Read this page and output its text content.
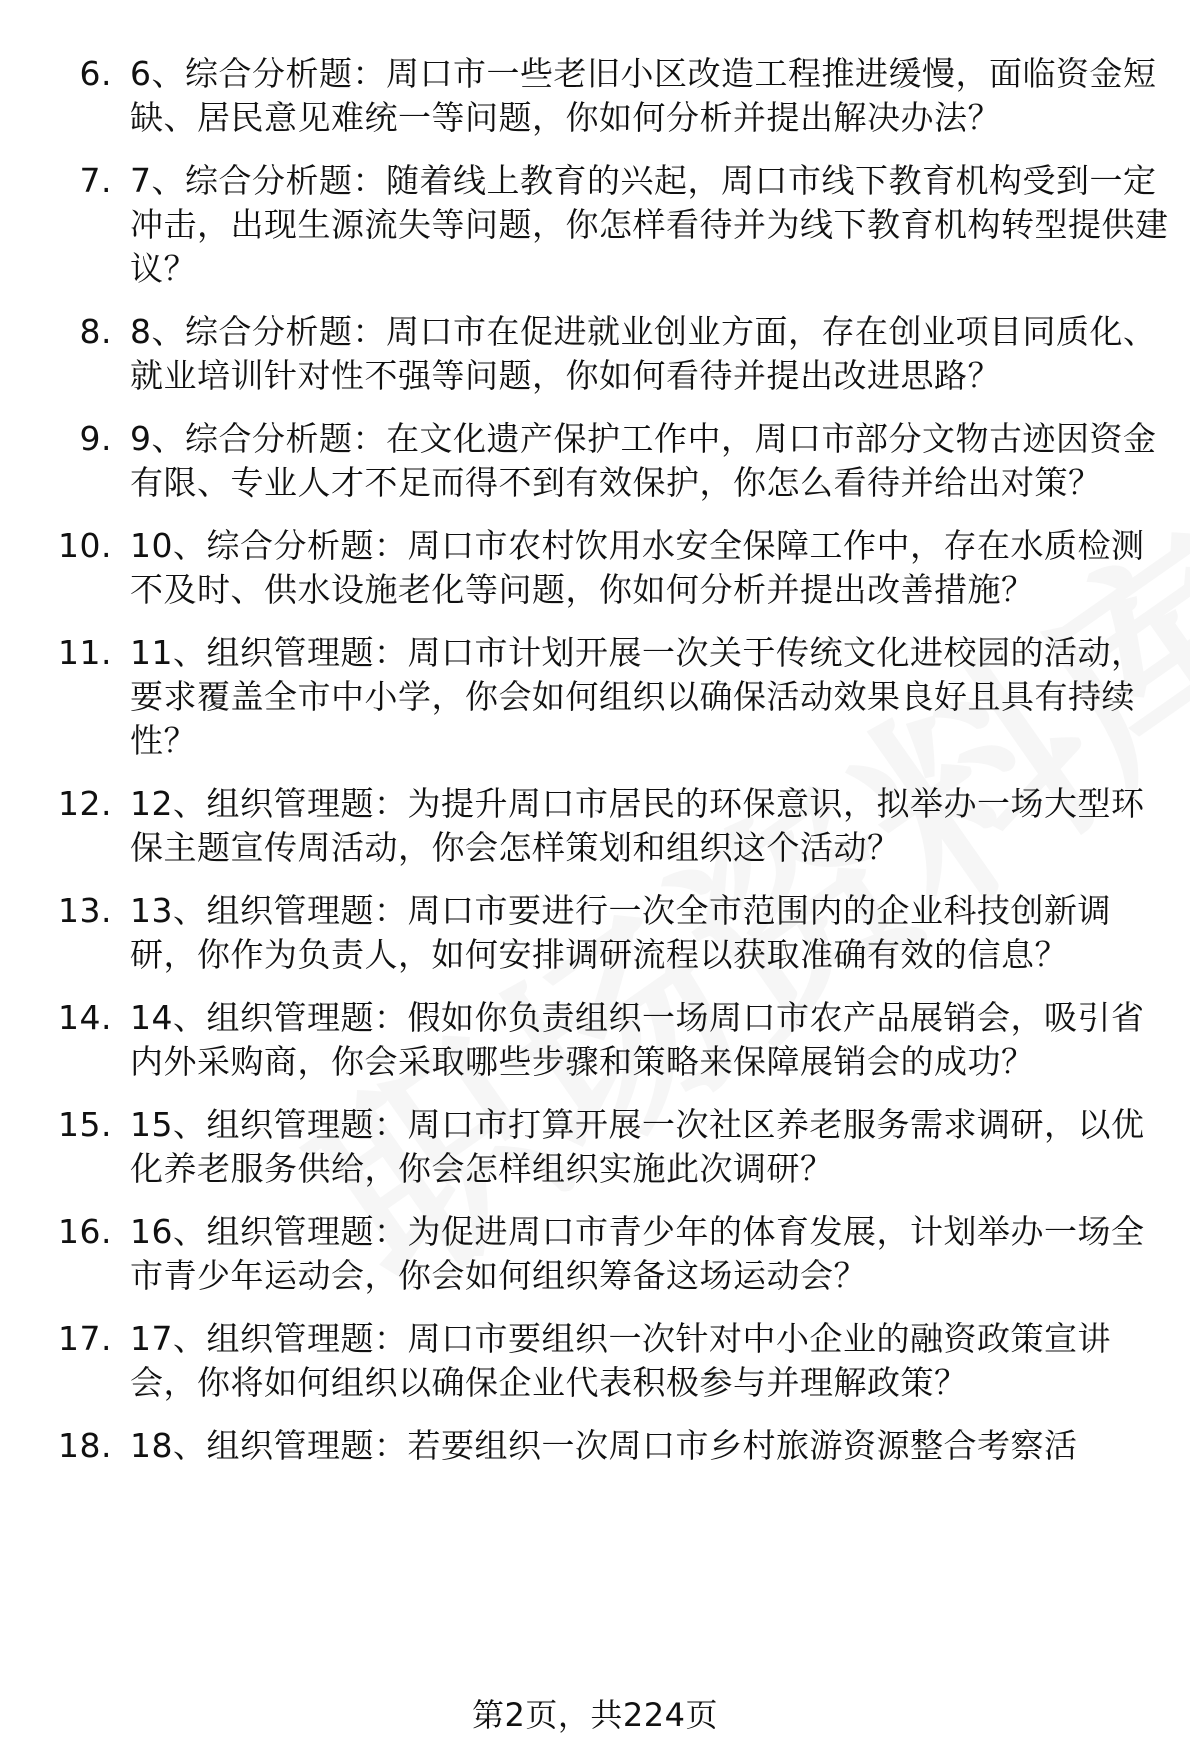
6. 6、综合分析题：周口市一些老旧小区改造工程推进缓慢，面临资金短缺、居民意见难统一等问题，你如何分析并提出解决办法？
7. 7、综合分析题：随着线上教育的兴起，周口市线下教育机构受到一定冲击，出现生源流失等问题，你怎样看待并为线下教育机构转型提供建议？
8. 8、综合分析题：周口市在促进就业创业方面，存在创业项目同质化、就业培训针对性不强等问题，你如何看待并提出改进思路？
9. 9、综合分析题：在文化遗产保护工作中，周口市部分文物古迹因资金有限、专业人才不足而得不到有效保护，你怎么看待并给出对策？
10. 10、综合分析题：周口市农村饮用水安全保障工作中，存在水质检测不及时、供水设施老化等问题，你如何分析并提出改善措施？
11. 11、组织管理题：周口市计划开展一次关于传统文化进校园的活动，要求覆盖全市中小学，你会如何组织以确保活动效果良好且具有持续性？
12. 12、组织管理题：为提升周口市居民的环保意识，拟举办一场大型环保主题宣传周活动，你会怎样策划和组织这个活动？
13. 13、组织管理题：周口市要进行一次全市范围内的企业科技创新调研，你作为负责人，如何安排调研流程以获取准确有效的信息？
14. 14、组织管理题：假如你负责组织一场周口市农产品展销会，吸引省内外采购商，你会采取哪些步骤和策略来保障展销会的成功？
15. 15、组织管理题：周口市打算开展一次社区养老服务需求调研，以优化养老服务供给，你会怎样组织实施此次调研？
16. 16、组织管理题：为促进周口市青少年的体育发展，计划举办一场全市青少年运动会，你会如何组织筹备这场运动会？
17. 17、组织管理题：周口市要组织一次针对中小企业的融资政策宣讲会，你将如何组织以确保企业代表积极参与并理解政策？
18. 18、组织管理题：若要组织一次周口市乡村旅游资源整合考察活
第2页，共224页
